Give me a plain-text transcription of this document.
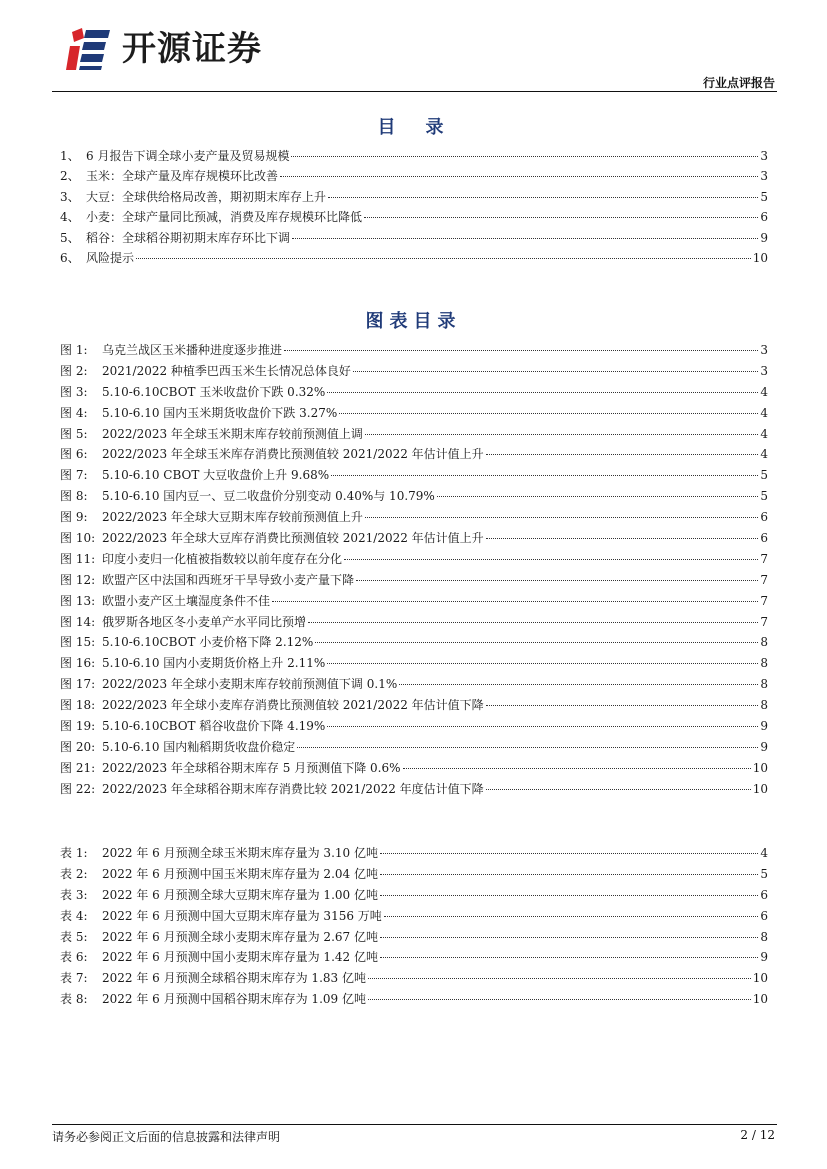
开源证券
行业点评报告
目　录
1、 6 月报告下调全球小麦产量及贸易规模	3
2、 玉米：全球产量及库存规模环比改善	3
3、 大豆：全球供给格局改善，期初期末库存上升	5
4、 小麦：全球产量同比预减，消费及库存规模环比降低	6
5、 稻谷：全球稻谷期初期末库存环比下调	9
6、 风险提示	10
图表目录
图 1:	乌克兰战区玉米播种进度逐步推进	3
图 2:	2021/2022 种植季巴西玉米生长情况总体良好	3
图 3:	5.10-6.10CBOT 玉米收盘价下跌 0.32%	4
图 4:	5.10-6.10 国内玉米期货收盘价下跌 3.27%	4
图 5:	2022/2023 年全球玉米期末库存较前预测值上调	4
图 6:	2022/2023 年全球玉米库存消费比预测值较 2021/2022 年估计值上升	4
图 7:	5.10-6.10 CBOT 大豆收盘价上升 9.68%	5
图 8:	5.10-6.10 国内豆一、豆二收盘价分别变动 0.40%与 10.79%	5
图 9:	2022/2023 年全球大豆期末库存较前预测值上升	6
图 10: 2022/2023 年全球大豆库存消费比预测值较 2021/2022 年估计值上升	6
图 11: 印度小麦归一化植被指数较以前年度存在分化	7
图 12: 欧盟产区中法国和西班牙干旱导致小麦产量下降	7
图 13: 欧盟小麦产区土壤湿度条件不佳	7
图 14: 俄罗斯各地区冬小麦单产水平同比预增	7
图 15: 5.10-6.10CBOT 小麦价格下降 2.12%	8
图 16: 5.10-6.10 国内小麦期货价格上升 2.11%	8
图 17: 2022/2023 年全球小麦期末库存较前预测值下调 0.1%	8
图 18: 2022/2023 年全球小麦库存消费比预测值较 2021/2022 年估计值下降	8
图 19: 5.10-6.10CBOT 稻谷收盘价下降 4.19%	9
图 20: 5.10-6.10 国内籼稻期货收盘价稳定	9
图 21: 2022/2023 年全球稻谷期末库存 5 月预测值下降 0.6%	10
图 22: 2022/2023 年全球稻谷期末库存消费比较 2021/2022 年度估计值下降	10
表 1:	2022 年 6 月预测全球玉米期末库存量为 3.10 亿吨	4
表 2:	2022 年 6 月预测中国玉米期末库存量为 2.04 亿吨	5
表 3:	2022 年 6 月预测全球大豆期末库存量为 1.00 亿吨	6
表 4:	2022 年 6 月预测中国大豆期末库存量为 3156 万吨	6
表 5:	2022 年 6 月预测全球小麦期末库存量为 2.67 亿吨	8
表 6:	2022 年 6 月预测中国小麦期末库存量为 1.42 亿吨	9
表 7:	2022 年 6 月预测全球稻谷期末库存为 1.83 亿吨	10
表 8:	2022 年 6 月预测中国稻谷期末库存为 1.09 亿吨	10
请务必参阅正文后面的信息披露和法律声明	2 / 12
